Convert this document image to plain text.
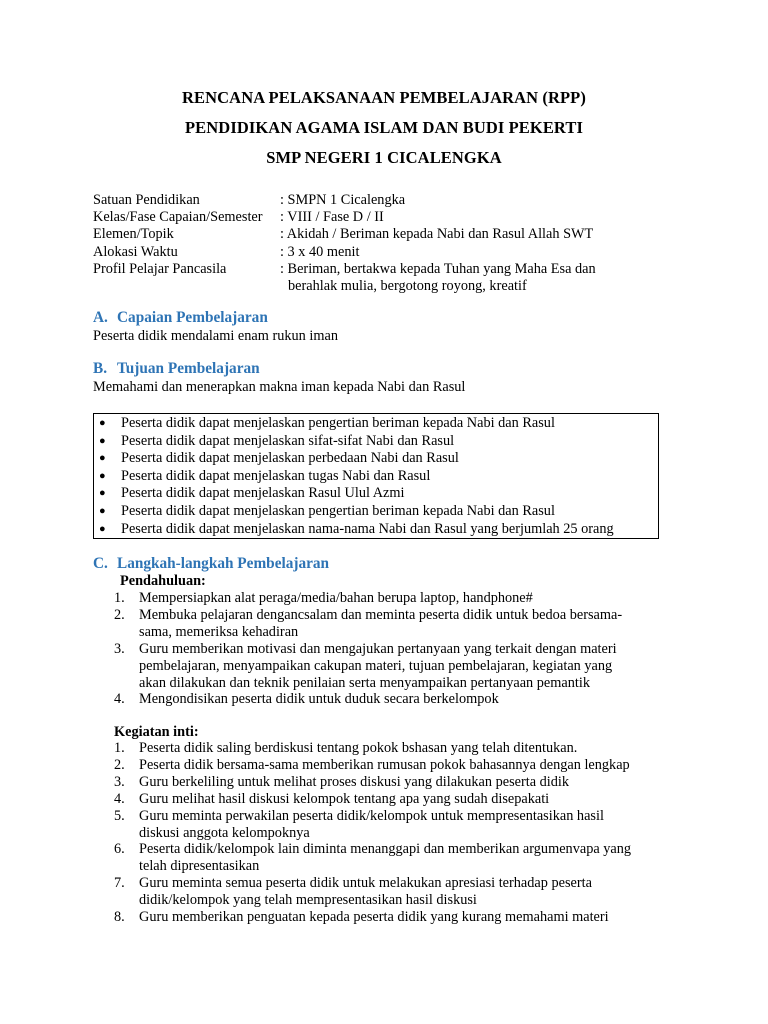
RENCANA PELAKSANAAN PEMBELAJARAN (RPP)
PENDIDIKAN AGAMA ISLAM DAN BUDI PEKERTI
SMP NEGERI 1 CICALENGKA
Satuan Pendidikan	: SMPN 1 Cicalengka
Kelas/Fase Capaian/Semester : VIII / Fase D / II
Elemen/Topik	: Akidah / Beriman kepada Nabi dan Rasul Allah SWT
Alokasi Waktu	: 3 x 40 menit
Profil Pelajar Pancasila	: Beriman, bertakwa kepada Tuhan yang Maha Esa dan
berahlak mulia, bergotong royong, kreatif
A. Capaian Pembelajaran
Peserta didik mendalami enam rukun iman
B. Tujuan Pembelajaran
Memahami dan menerapkan makna iman kepada Nabi dan Rasul
● Peserta didik dapat menjelaskan pengertian beriman kepada Nabi dan Rasul
● Peserta didik dapat menjelaskan sifat-sifat Nabi dan Rasul
● Peserta didik dapat menjelaskan perbedaan Nabi dan Rasul
● Peserta didik dapat menjelaskan tugas Nabi dan Rasul
● Peserta didik dapat menjelaskan Rasul Ulul Azmi
● Peserta didik dapat menjelaskan pengertian beriman kepada Nabi dan Rasul
● Peserta didik dapat menjelaskan nama-nama Nabi dan Rasul yang berjumlah 25 orang
C. Langkah-langkah Pembelajaran
Pendahuluan:
1. Mempersiapkan alat peraga/media/bahan berupa laptop, handphone#
2. Membuka pelajaran dengancsalam dan meminta peserta didik untuk bedoa bersama-
sama, memeriksa kehadiran
3. Guru memberikan motivasi dan mengajukan pertanyaan yang terkait dengan materi
pembelajaran, menyampaikan cakupan materi, tujuan pembelajaran, kegiatan yang
akan dilakukan dan teknik penilaian serta menyampaikan pertanyaan pemantik
4. Mengondisikan peserta didik untuk duduk secara berkelompok
Kegiatan inti:
1. Peserta didik saling berdiskusi tentang pokok bshasan yang telah ditentukan.
2. Peserta didik bersama-sama memberikan rumusan pokok bahasannya dengan lengkap
3. Guru berkeliling untuk melihat proses diskusi yang dilakukan peserta didik
4. Guru melihat hasil diskusi kelompok tentang apa yang sudah disepakati
5. Guru meminta perwakilan peserta didik/kelompok untuk mempresentasikan hasil
diskusi anggota kelompoknya
6. Peserta didik/kelompok lain diminta menanggapi dan memberikan argumenvapa yang
telah dipresentasikan
7. Guru meminta semua peserta didik untuk melakukan apresiasi terhadap peserta
didik/kelompok yang telah mempresentasikan hasil diskusi
8. Guru memberikan penguatan kepada peserta didik yang kurang memahami materi
